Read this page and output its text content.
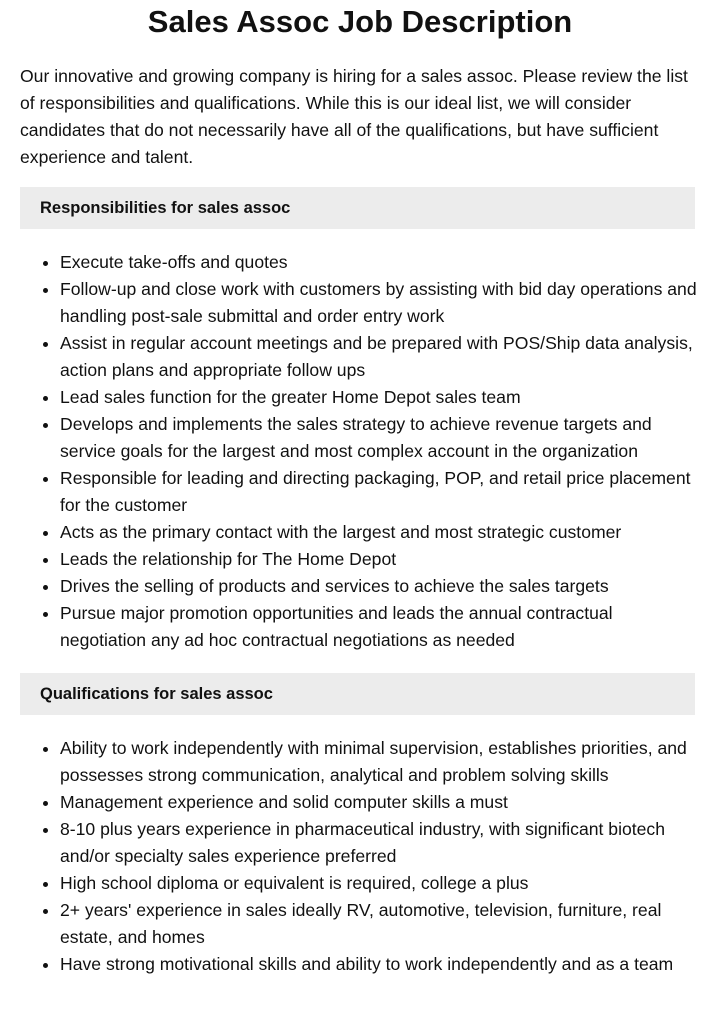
Sales Assoc Job Description

Our innovative and growing company is hiring for a sales assoc. Please review the list of responsibilities and qualifications. While this is our ideal list, we will consider candidates that do not necessarily have all of the qualifications, but have sufficient experience and talent.

Responsibilities for sales assoc
• Execute take-offs and quotes
• Follow-up and close work with customers by assisting with bid day operations and handling post-sale submittal and order entry work
• Assist in regular account meetings and be prepared with POS/Ship data analysis, action plans and appropriate follow ups
• Lead sales function for the greater Home Depot sales team
• Develops and implements the sales strategy to achieve revenue targets and service goals for the largest and most complex account in the organization
• Responsible for leading and directing packaging, POP, and retail price placement for the customer
• Acts as the primary contact with the largest and most strategic customer
• Leads the relationship for The Home Depot
• Drives the selling of products and services to achieve the sales targets
• Pursue major promotion opportunities and leads the annual contractual negotiation any ad hoc contractual negotiations as needed
Qualifications for sales assoc
• Ability to work independently with minimal supervision, establishes priorities, and possesses strong communication, analytical and problem solving skills
• Management experience and solid computer skills a must
• 8-10 plus years experience in pharmaceutical industry, with significant biotech and/or specialty sales experience preferred
• High school diploma or equivalent is required, college a plus
• 2+ years' experience in sales ideally RV, automotive, television, furniture, real estate, and homes
• Have strong motivational skills and ability to work independently and as a team
